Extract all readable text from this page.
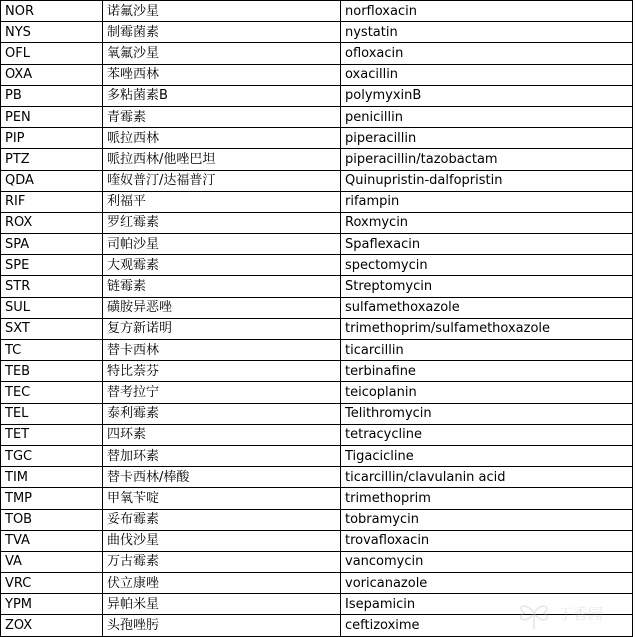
NOR	诺氟沙星	norfloxacin
NYS	制霉菌素	nystatin
OFL	氧氟沙星	ofloxacin
OXA	苯唑西林	oxacillin
PB	多粘菌素B	polymyxinB
PEN	青霉素	penicillin
PIP	哌拉西林	piperacillin
PTZ	哌拉西林/他唑巴坦	piperacillin/tazobactam
QDA	喹奴普汀/达福普汀	Quinupristin-dalfopristin
RIF	利福平	rifampin
ROX	罗红霉素	Roxmycin
SPA	司帕沙星	Spaflexacin
SPE	大观霉素	spectomycin
STR	链霉素	Streptomycin
SUL	磺胺异恶唑	sulfamethoxazole
SXT	复方新诺明	trimethoprim/sulfamethoxazole
TC	替卡西林	ticarcillin
TEB	特比萘芬	terbinafine
TEC	替考拉宁	teicoplanin
TEL	泰利霉素	Telithromycin
TET	四环素	tetracycline
TGC	替加环素	Tigacicline
TIM	替卡西林/棒酸	ticarcillin/clavulanin acid
TMP	甲氧苄啶	trimethoprim
TOB	妥布霉素	tobramycin
TVA	曲伐沙星	trovafloxacin
VA	万古霉素	vancomycin
VRC	伏立康唑	voricanazole
YPM	异帕米星	Isepamicin
ZOX	头孢唑肟	ceftizoxime
丁香园
